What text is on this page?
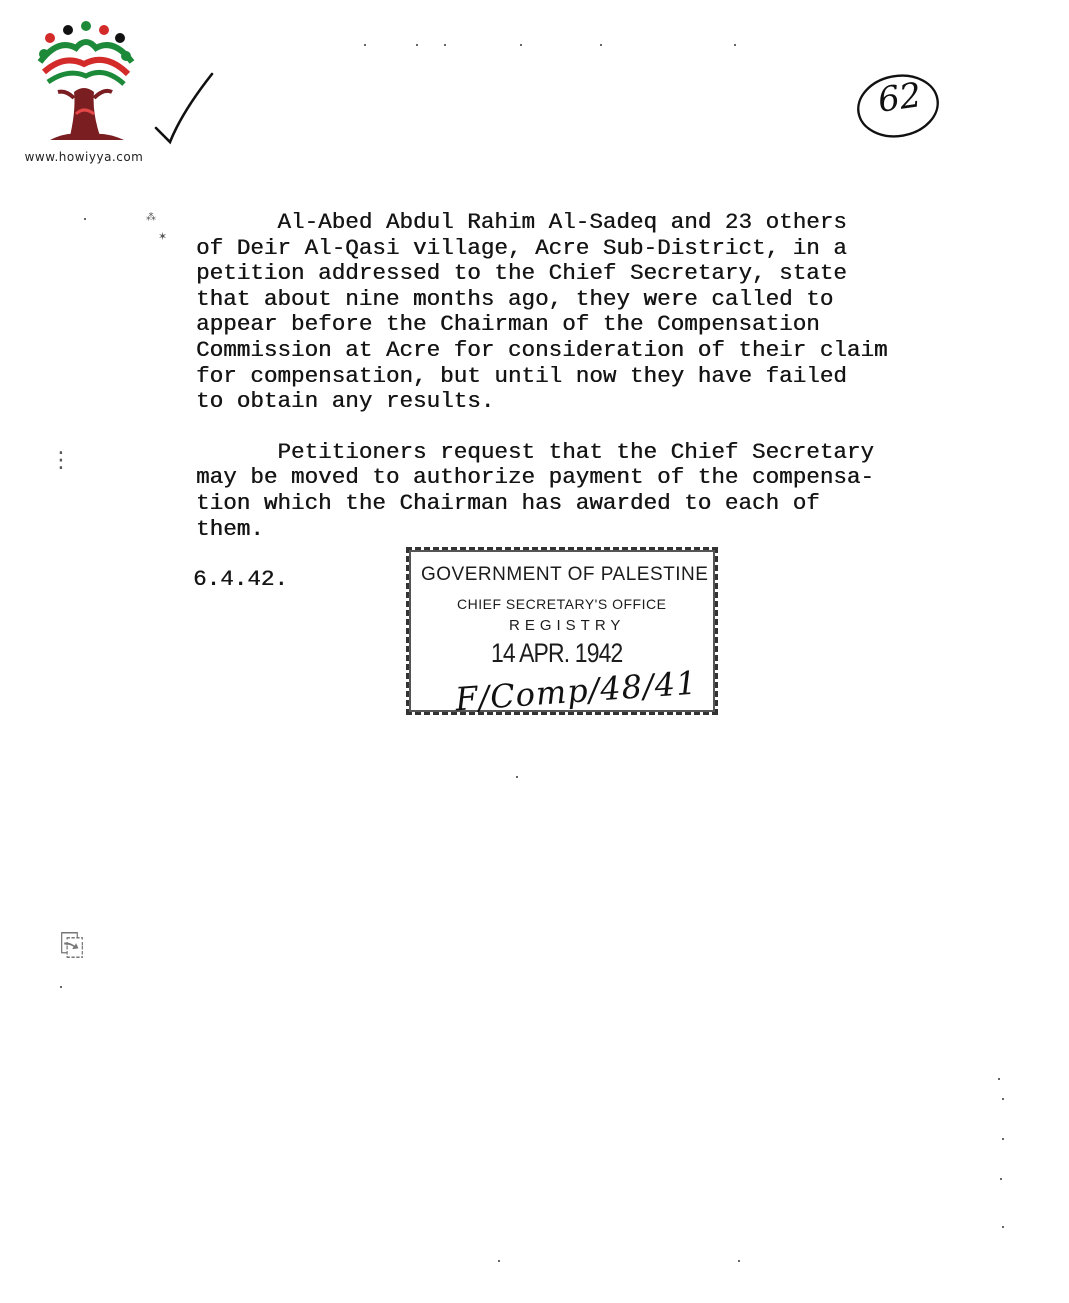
www.howiyya.com
62
Al-Abed Abdul Rahim Al-Sadeq and 23 others
of Deir Al-Qasi village, Acre Sub-District, in a
petition addressed to the Chief Secretary, state
that about nine months ago, they were called to
appear before the Chairman of the Compensation
Commission at Acre for consideration of their claim
for compensation, but until now they have failed
to obtain any results.
Petitioners request that the Chief Secretary
may be moved to authorize payment of the compensa-
tion which the Chairman has awarded to each of
them.
6.4.42.	GOVERNMENT OF PALESTINE
CHIEF SECRETARY'S OFFICE
REGISTRY
14 APR. 1942
F/Comp/48/41
⁂
✶
⋮
⎘
